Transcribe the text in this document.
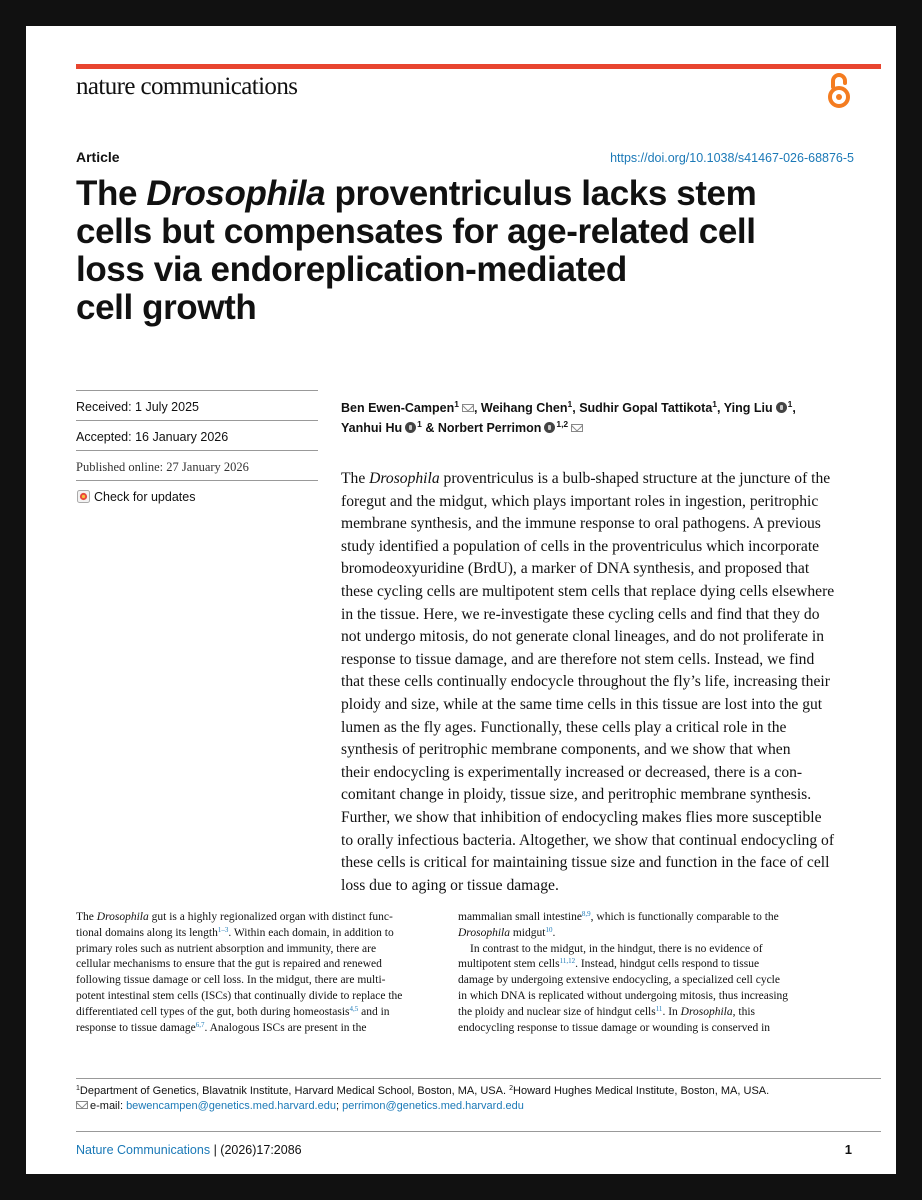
nature communications
Article	https://doi.org/10.1038/s41467-026-68876-5
The Drosophila proventriculus lacks stem
cells but compensates for age-related cell
loss via endoreplication-mediated
cell growth
Received: 1 July 2025
Accepted: 16 January 2026
Published online: 27 January 2026
Check for updates
Ben Ewen-Campen$^1$ , Weihang Chen$^1$, Sudhir Gopal Tattikota$^1$, Ying Liu $^1$,
Yanhui Hu $^1$ & Norbert Perrimon $^{1,2}$
The Drosophila proventriculus is a bulb-shaped structure at the juncture of the
foregut and the midgut, which plays important roles in ingestion, peritrophic
membrane synthesis, and the immune response to oral pathogens. A previous
study identified a population of cells in the proventriculus which incorporate
bromodeoxyuridine (BrdU), a marker of DNA synthesis, and proposed that
these cycling cells are multipotent stem cells that replace dying cells elsewhere
in the tissue. Here, we re-investigate these cycling cells and find that they do
not undergo mitosis, do not generate clonal lineages, and do not proliferate in
response to tissue damage, and are therefore not stem cells. Instead, we find
that these cells continually endocycle throughout the fly’s life, increasing their
ploidy and size, while at the same time cells in this tissue are lost into the gut
lumen as the fly ages. Functionally, these cells play a critical role in the
synthesis of peritrophic membrane components, and we show that when
their endocycling is experimentally increased or decreased, there is a con-
comitant change in ploidy, tissue size, and peritrophic membrane synthesis.
Further, we show that inhibition of endocycling makes flies more susceptible
to orally infectious bacteria. Altogether, we show that continual endocycling of
these cells is critical for maintaining tissue size and function in the face of cell
loss due to aging or tissue damage.
The Drosophila gut is a highly regionalized organ with distinct func-
tional domains along its length$^{1-3}$. Within each domain, in addition to
primary roles such as nutrient absorption and immunity, there are
cellular mechanisms to ensure that the gut is repaired and renewed
following tissue damage or cell loss. In the midgut, there are multi-
potent intestinal stem cells (ISCs) that continually divide to replace the
differentiated cell types of the gut, both during homeostasis$^{4,5}$ and in
response to tissue damage$^{6,7}$. Analogous ISCs are present in the
mammalian small intestine$^{8,9}$, which is functionally comparable to the
Drosophila midgut$^{10}$.
In contrast to the midgut, in the hindgut, there is no evidence of
multipotent stem cells$^{11,12}$. Instead, hindgut cells respond to tissue
damage by undergoing extensive endocycling, a specialized cell cycle
in which DNA is replicated without undergoing mitosis, thus increasing
the ploidy and nuclear size of hindgut cells$^{11}$. In Drosophila, this
endocycling response to tissue damage or wounding is conserved in
$^1$Department of Genetics, Blavatnik Institute, Harvard Medical School, Boston, MA, USA. $^2$Howard Hughes Medical Institute, Boston, MA, USA.
e-mail: bewencampen@genetics.med.harvard.edu; perrimon@genetics.med.harvard.edu
Nature Communications | (2026)17:2086	1
